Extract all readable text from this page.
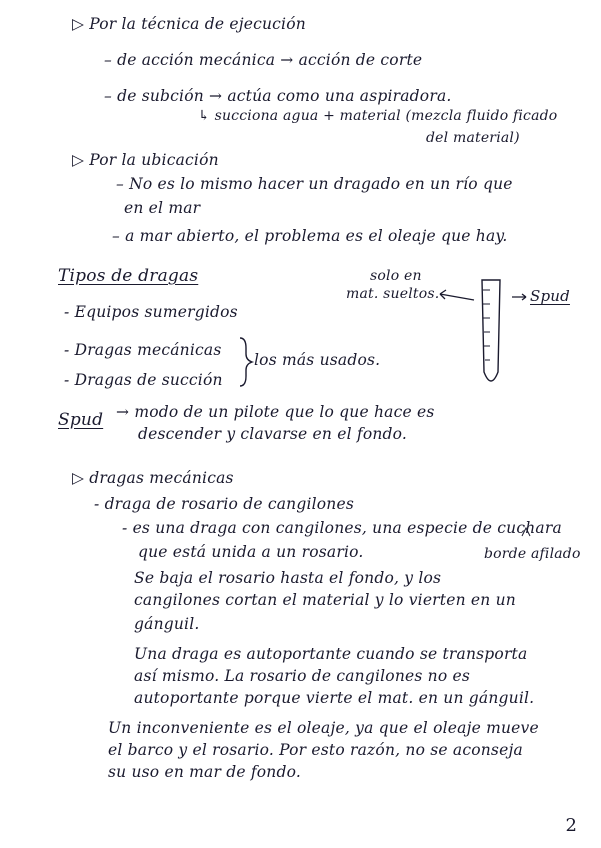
▷ Por la técnica de ejecución
– de acción mecánica → acción de corte
– de subción → actúa como una aspiradora.
↳ succiona agua + material (mezcla fluido ficado
del material)
▷ Por la ubicación
– No es lo mismo hacer un dragado en un río que
en el mar
– a mar abierto, el problema es el oleaje que hay.
Tipos de dragas
- Equipos sumergidos
- Dragas mecánicas
- Dragas de succión
los más usados.
solo en
mat. sueltos.	Spud
Spud → modo de un pilote que lo que hace es
descender y clavarse en el fondo.
▷ dragas mecánicas
- draga de rosario de cangilones
- es una draga con cangilones, una especie de cuchara
que está unida a un rosario.	borde afilado
Se baja el rosario hasta el fondo, y los
cangilones cortan el material y lo vierten en un
gánguil.
Una draga es autoportante cuando se transporta
así mismo. La rosario de cangilones no es
autoportante porque vierte el mat. en un gánguil.
Un inconveniente es el oleaje, ya que el oleaje mueve
el barco y el rosario. Por esto razón, no se aconseja
su uso en mar de fondo.
2
